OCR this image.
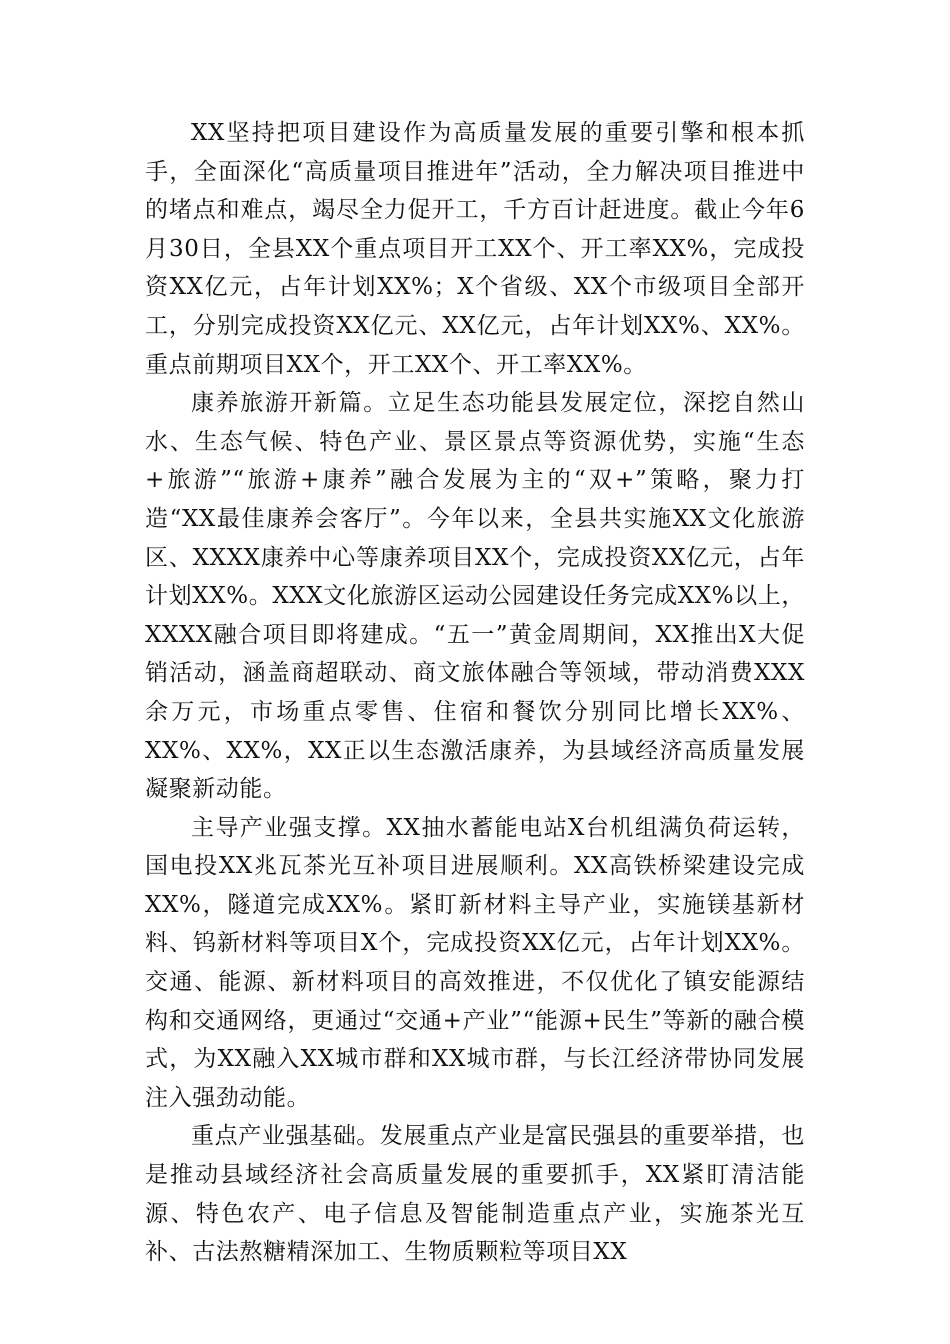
XX坚持把项目建设作为高质量发展的重要引擎和根本抓手，全面深化“高质量项目推进年”活动，全力解决项目推进中的堵点和难点，竭尽全力促开工，千方百计赶进度。截止今年6月30日，全县XX个重点项目开工XX个、开工率XX%，完成投资XX亿元，占年计划XX%；X个省级、XX个市级项目全部开工，分别完成投资XX亿元、XX亿元，占年计划XX%、XX%。重点前期项目XX个，开工XX个、开工率XX%。

康养旅游开新篇。立足生态功能县发展定位，深挖自然山水、生态气候、特色产业、景区景点等资源优势，实施“生态+旅游”“旅游+康养”融合发展为主的“双+”策略，聚力打造“XX最佳康养会客厅”。今年以来，全县共实施XX文化旅游区、XXXX康养中心等康养项目XX个，完成投资XX亿元，占年计划XX%。XXX文化旅游区运动公园建设任务完成XX%以上，XXXX融合项目即将建成。“五一”黄金周期间，XX推出X大促销活动，涵盖商超联动、商文旅体融合等领域，带动消费XXX余万元，市场重点零售、住宿和餐饮分别同比增长XX%、XX%、XX%，XX正以生态激活康养，为县域经济高质量发展凝聚新动能。

主导产业强支撑。XX抽水蓄能电站X台机组满负荷运转，国电投XX兆瓦茶光互补项目进展顺利。XX高铁桥梁建设完成XX%，隧道完成XX%。紧盯新材料主导产业，实施镁基新材料、钨新材料等项目X个，完成投资XX亿元，占年计划XX%。交通、能源、新材料项目的高效推进，不仅优化了镇安能源结构和交通网络，更通过“交通+产业”“能源+民生”等新的融合模式，为XX融入XX城市群和XX城市群，与长江经济带协同发展注入强劲动能。

重点产业强基础。发展重点产业是富民强县的重要举措，也是推动县域经济社会高质量发展的重要抓手，XX紧盯清洁能源、特色农产、电子信息及智能制造重点产业，实施茶光互补、古法熬糖精深加工、生物质颗粒等项目XX
